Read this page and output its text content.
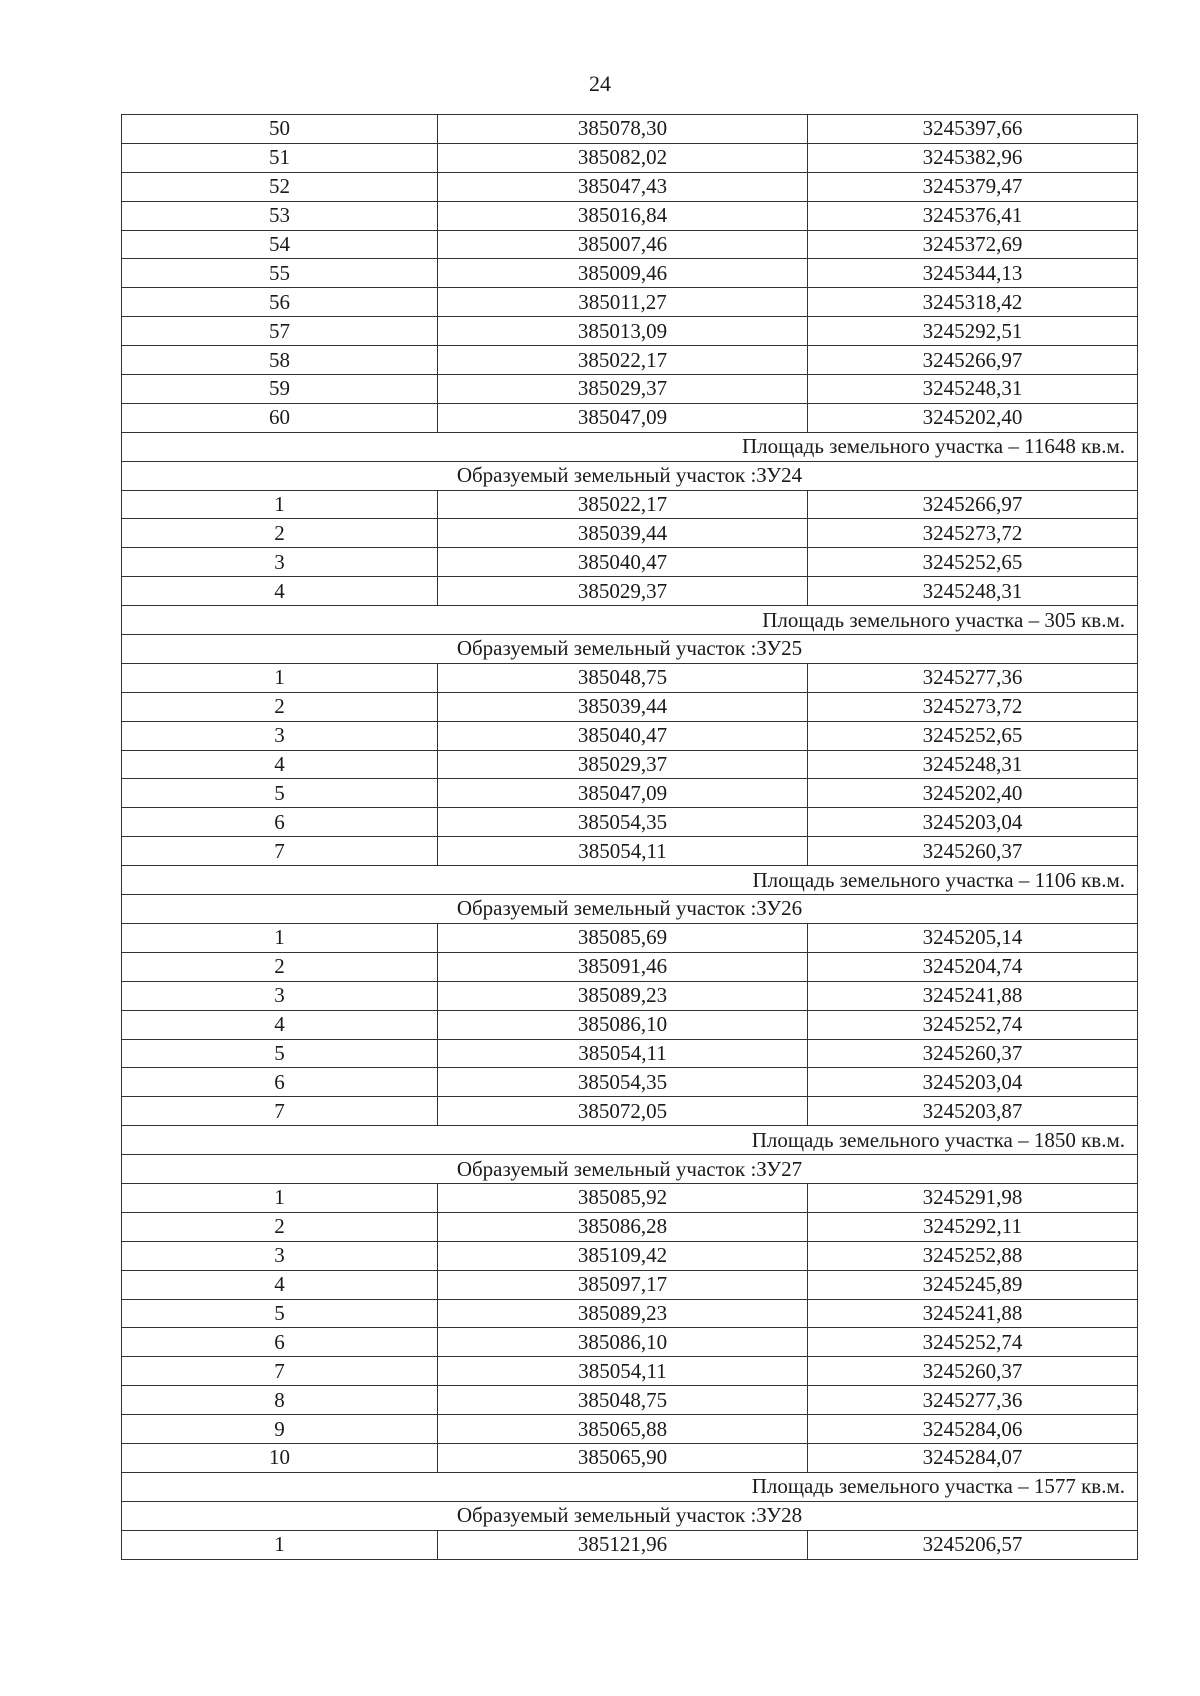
24
50	385078,30	3245397,66
51	385082,02	3245382,96
52	385047,43	3245379,47
53	385016,84	3245376,41
54	385007,46	3245372,69
55	385009,46	3245344,13
56	385011,27	3245318,42
57	385013,09	3245292,51
58	385022,17	3245266,97
59	385029,37	3245248,31
60	385047,09	3245202,40
Площадь земельного участка – 11648 кв.м.		
Образуемый земельный участок :ЗУ24		
1	385022,17	3245266,97
2	385039,44	3245273,72
3	385040,47	3245252,65
4	385029,37	3245248,31
Площадь земельного участка – 305 кв.м.		
Образуемый земельный участок :ЗУ25		
1	385048,75	3245277,36
2	385039,44	3245273,72
3	385040,47	3245252,65
4	385029,37	3245248,31
5	385047,09	3245202,40
6	385054,35	3245203,04
7	385054,11	3245260,37
Площадь земельного участка – 1106 кв.м.		
Образуемый земельный участок :ЗУ26		
1	385085,69	3245205,14
2	385091,46	3245204,74
3	385089,23	3245241,88
4	385086,10	3245252,74
5	385054,11	3245260,37
6	385054,35	3245203,04
7	385072,05	3245203,87
Площадь земельного участка – 1850 кв.м.		
Образуемый земельный участок :ЗУ27		
1	385085,92	3245291,98
2	385086,28	3245292,11
3	385109,42	3245252,88
4	385097,17	3245245,89
5	385089,23	3245241,88
6	385086,10	3245252,74
7	385054,11	3245260,37
8	385048,75	3245277,36
9	385065,88	3245284,06
10	385065,90	3245284,07
Площадь земельного участка – 1577 кв.м.		
Образуемый земельный участок :ЗУ28		
1	385121,96	3245206,57
